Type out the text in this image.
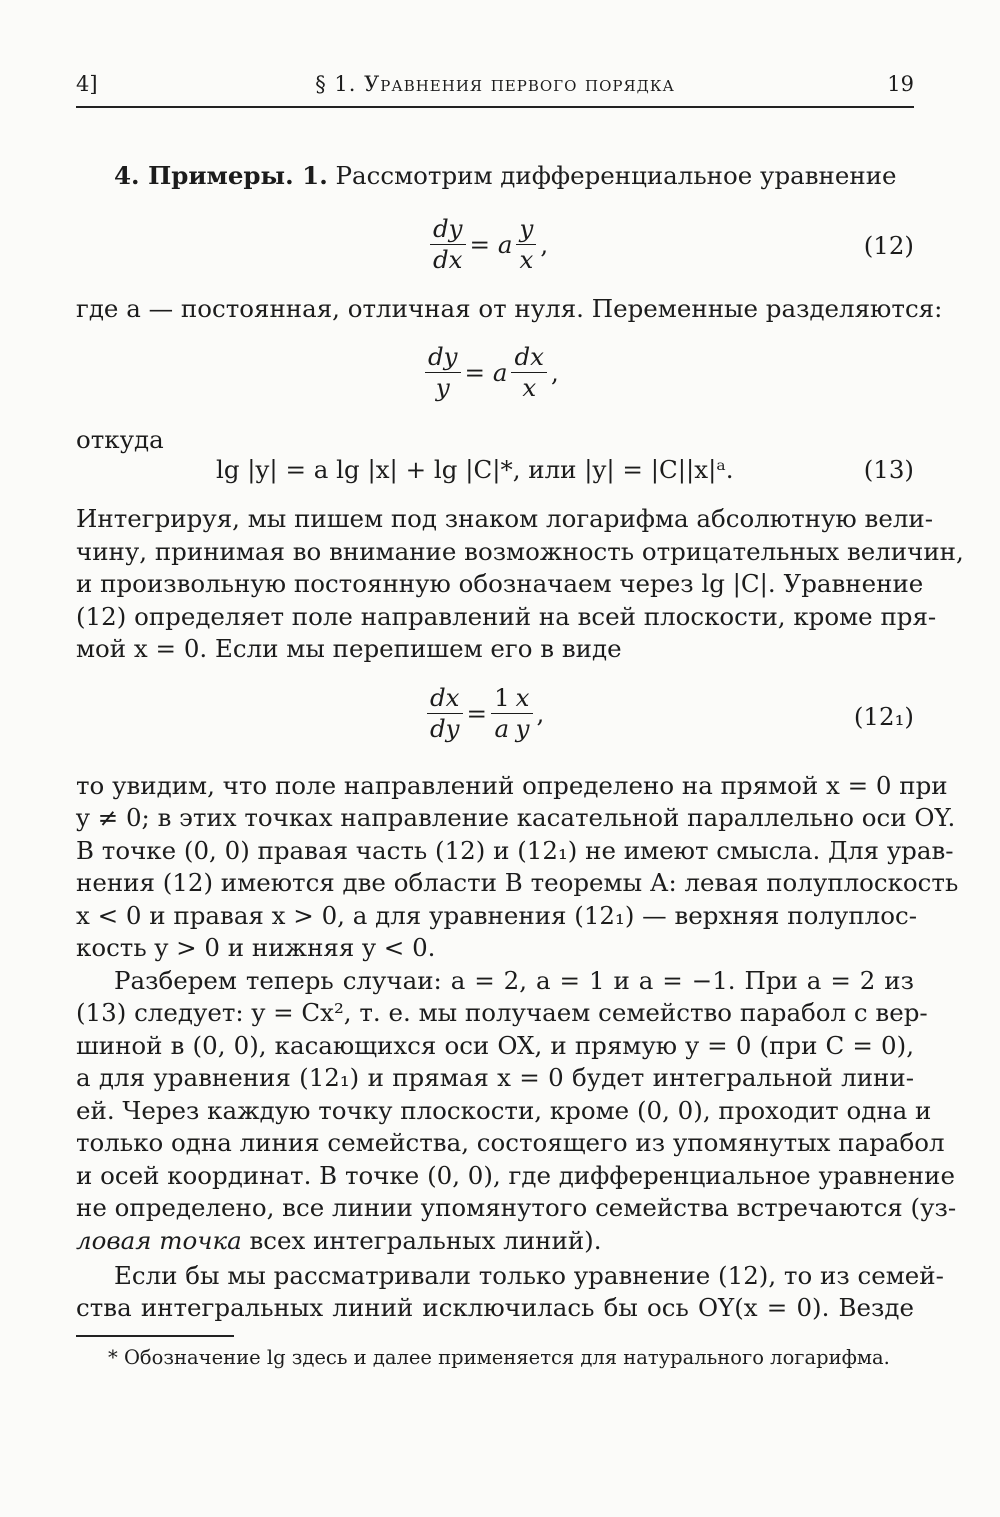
4]	§ 1. Уравнения первого порядка	19
4. Примеры. 1. Рассмотрим дифференциальное уравнение
$\frac{dy}{dx} = a \frac{y}{x}$ ,	(12)
где a — постоянная, отличная от нуля. Переменные разделяются:
$\frac{dy}{y} = a \frac{dx}{x}$ ,
откуда
lg |y| = a lg |x| + lg |C|*, или |y| = |C||x|ᵃ.	(13)
Интегрируя, мы пишем под знаком логарифма абсолютную вели-
чину, принимая во внимание возможность отрицательных величин,
и произвольную постоянную обозначаем через lg |C|. Уравнение
(12) определяет поле направлений на всей плоскости, кроме пря-
мой x = 0. Если мы перепишем его в виде
$\frac{dx}{dy} = \frac{1}{a} \frac{x}{y}$ ,	(12₁)
то увидим, что поле направлений определено на прямой x = 0 при
y ≠ 0; в этих точках направление касательной параллельно оси OY.
В точке (0, 0) правая часть (12) и (12₁) не имеют смысла. Для урав-
нения (12) имеются две области B теоремы А: левая полуплоскость
x < 0 и правая x > 0, а для уравнения (12₁) — верхняя полуплос-
кость y > 0 и нижняя y < 0.
Разберем теперь случаи: a = 2, a = 1 и a = −1. При a = 2 из
(13) следует: y = Cx², т. е. мы получаем семейство парабол с вер-
шиной в (0, 0), касающихся оси OX, и прямую y = 0 (при C = 0),
а для уравнения (12₁) и прямая x = 0 будет интегральной лини-
ей. Через каждую точку плоскости, кроме (0, 0), проходит одна и
только одна линия семейства, состоящего из упомянутых парабол
и осей координат. В точке (0, 0), где дифференциальное уравнение
не определено, все линии упомянутого семейства встречаются (уз-
ловая точка всех интегральных линий).
Если бы мы рассматривали только уравнение (12), то из семей-
ства интегральных линий исключилась бы ось OY(x = 0). Везде
* Обозначение lg здесь и далее применяется для натурального логарифма.
